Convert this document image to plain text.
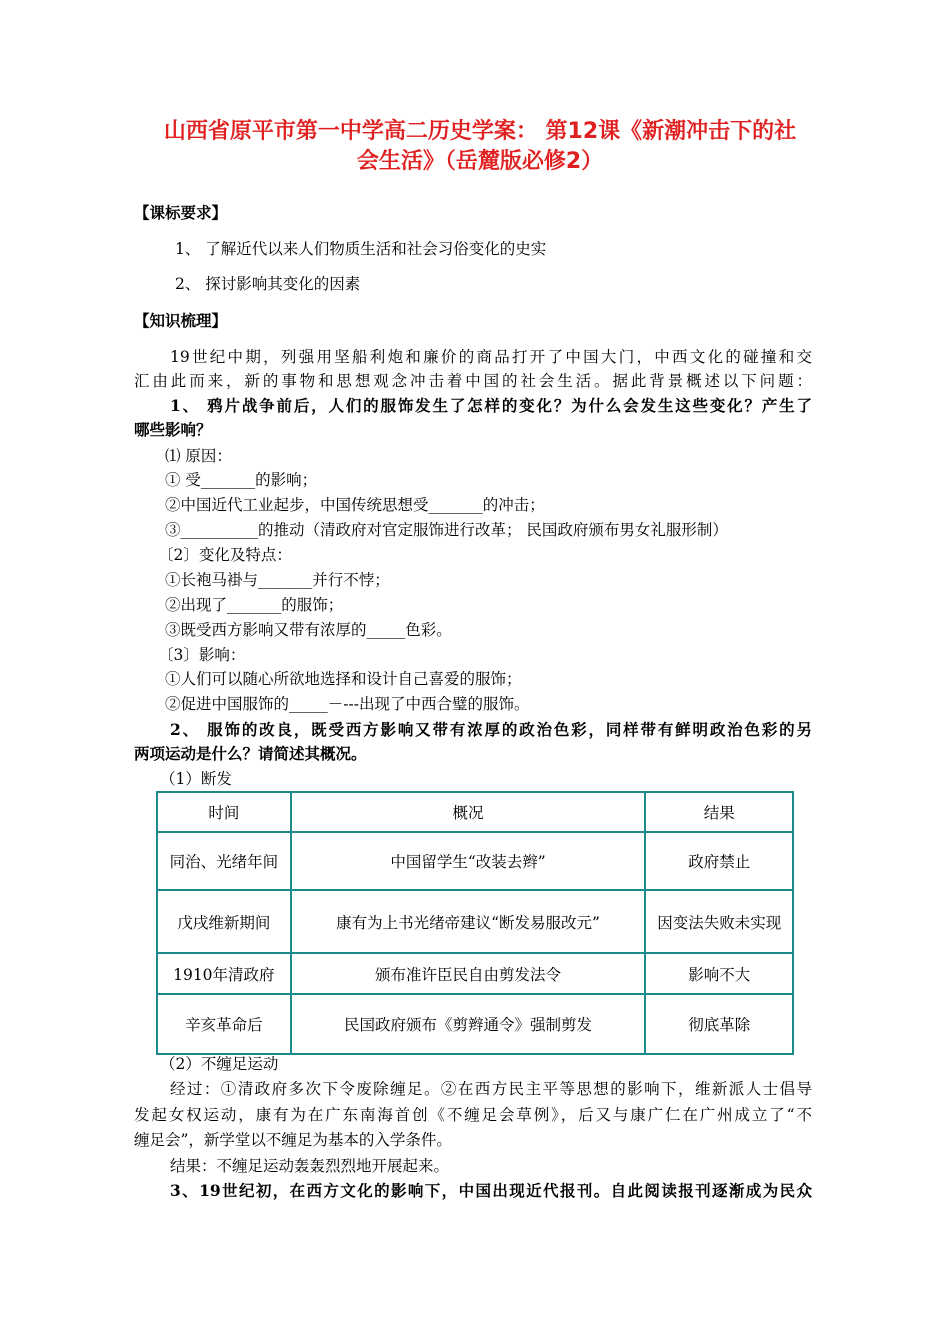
山西省原平市第一中学高二历史学案： 第12课《新潮冲击下的社
会生活》（岳麓版必修2）
【课标要求】
1、 了解近代以来人们物质生活和社会习俗变化的史实
2、 探讨影响其变化的因素
【知识梳理】
19世纪中期，列强用坚船利炮和廉价的商品打开了中国大门，中西文化的碰撞和交
汇由此而来，新的事物和思想观念冲击着中国的社会生活。据此背景概述以下问题：
1、 鸦片战争前后，人们的服饰发生了怎样的变化？为什么会发生这些变化？产生了
哪些影响？
⑴ 原因：
① 受_______的影响；
②中国近代工业起步，中国传统思想受_______的冲击；
③__________的推动（清政府对官定服饰进行改革； 民国政府颁布男女礼服形制）
〔2〕变化及特点：
①长袍马褂与_______并行不悖；
②出现了_______的服饰；
③既受西方影响又带有浓厚的_____色彩。
〔3〕影响：
①人们可以随心所欲地选择和设计自己喜爱的服饰；
②促进中国服饰的_____－---出现了中西合璧的服饰。
2、 服饰的改良，既受西方影响又带有浓厚的政治色彩，同样带有鲜明政治色彩的另
两项运动是什么？请简述其概况。
（1）断发
时间	概况	结果
同治、光绪年间	中国留学生“改装去辫”	政府禁止
戊戌维新期间	康有为上书光绪帝建议“断发易服改元”	因变法失败未实现
1910年清政府	颁布准许臣民自由剪发法令	影响不大
辛亥革命后	民国政府颁布《剪辫通令》强制剪发	彻底革除
（2）不缠足运动
经过：①清政府多次下令废除缠足。②在西方民主平等思想的影响下，维新派人士倡导
发起女权运动，康有为在广东南海首创《不缠足会草例》，后又与康广仁在广州成立了“不
缠足会”，新学堂以不缠足为基本的入学条件。
结果：不缠足运动轰轰烈烈地开展起来。
3、19世纪初，在西方文化的影响下，中国出现近代报刊。自此阅读报刊逐渐成为民众
